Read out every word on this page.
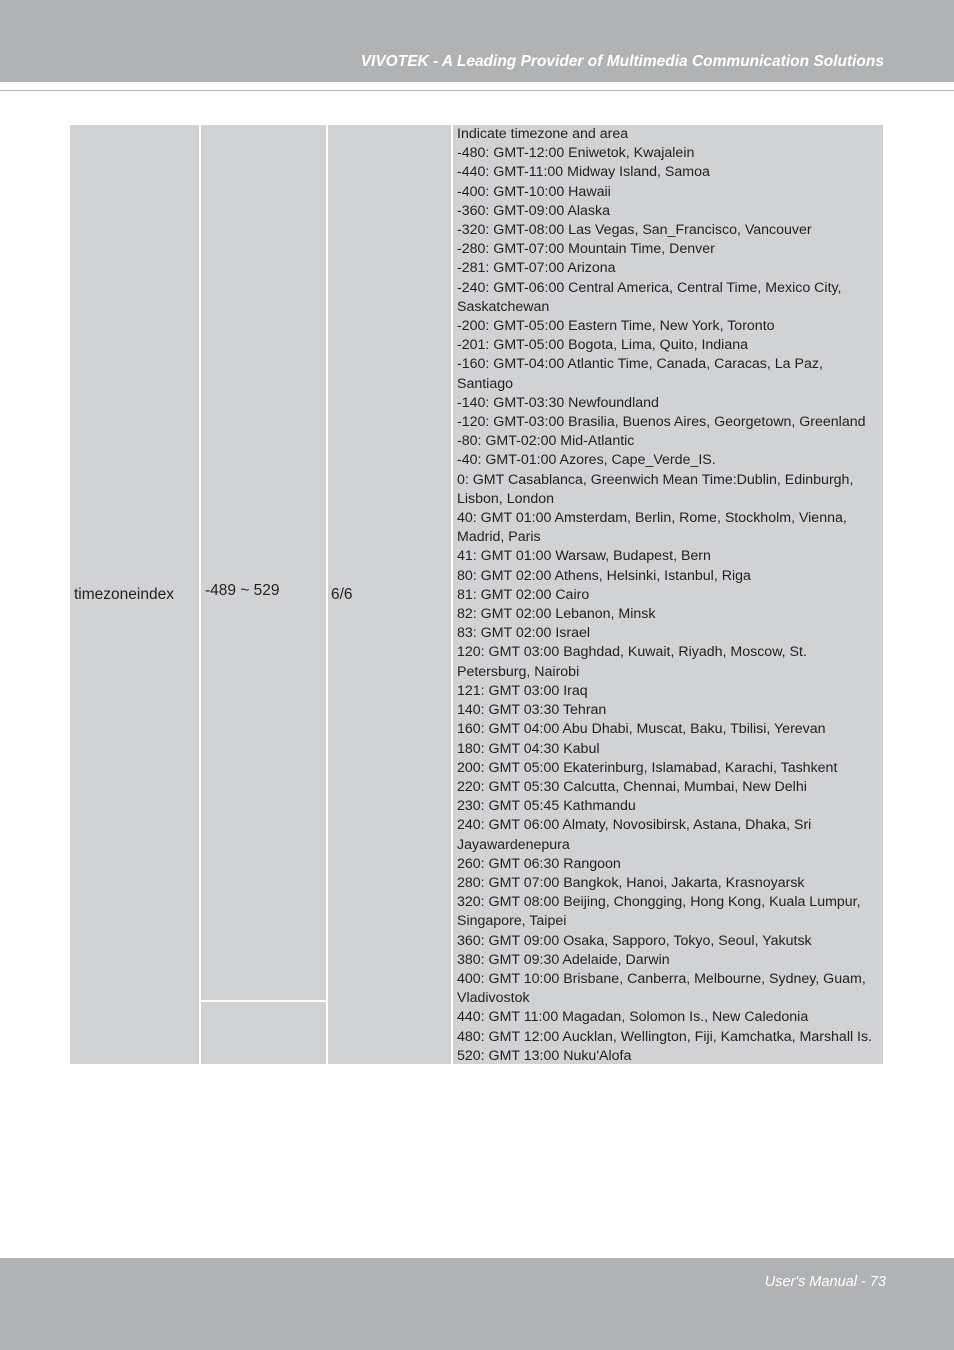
VIVOTEK - A Leading Provider of Multimedia Communication Solutions
timezoneindex -489 ~ 529	6/6
Indicate timezone and area
-480: GMT-12:00 Eniwetok, Kwajalein
-440: GMT-11:00 Midway Island, Samoa
-400: GMT-10:00 Hawaii
-360: GMT-09:00 Alaska
-320: GMT-08:00 Las Vegas, San_Francisco, Vancouver
-280: GMT-07:00 Mountain Time, Denver
-281: GMT-07:00 Arizona
-240: GMT-06:00 Central America, Central Time, Mexico City,
Saskatchewan
-200: GMT-05:00 Eastern Time, New York, Toronto
-201: GMT-05:00 Bogota, Lima, Quito, Indiana
-160: GMT-04:00 Atlantic Time, Canada, Caracas, La Paz,
Santiago
-140: GMT-03:30 Newfoundland
-120: GMT-03:00 Brasilia, Buenos Aires, Georgetown, Greenland
-80: GMT-02:00 Mid-Atlantic
-40: GMT-01:00 Azores, Cape_Verde_IS.
0: GMT Casablanca, Greenwich Mean Time:Dublin, Edinburgh,
Lisbon, London
40: GMT 01:00 Amsterdam, Berlin, Rome, Stockholm, Vienna,
Madrid, Paris
41: GMT 01:00 Warsaw, Budapest, Bern
80: GMT 02:00 Athens, Helsinki, Istanbul, Riga
81: GMT 02:00 Cairo
82: GMT 02:00 Lebanon, Minsk
83: GMT 02:00 Israel
120: GMT 03:00 Baghdad, Kuwait, Riyadh, Moscow, St.
Petersburg, Nairobi
121: GMT 03:00 Iraq
140: GMT 03:30 Tehran
160: GMT 04:00 Abu Dhabi, Muscat, Baku, Tbilisi, Yerevan
180: GMT 04:30 Kabul
200: GMT 05:00 Ekaterinburg, Islamabad, Karachi, Tashkent
220: GMT 05:30 Calcutta, Chennai, Mumbai, New Delhi
230: GMT 05:45 Kathmandu
240: GMT 06:00 Almaty, Novosibirsk, Astana, Dhaka, Sri
Jayawardenepura
260: GMT 06:30 Rangoon
280: GMT 07:00 Bangkok, Hanoi, Jakarta, Krasnoyarsk
320: GMT 08:00 Beijing, Chongging, Hong Kong, Kuala Lumpur,
Singapore, Taipei
360: GMT 09:00 Osaka, Sapporo, Tokyo, Seoul, Yakutsk
380: GMT 09:30 Adelaide, Darwin
400: GMT 10:00 Brisbane, Canberra, Melbourne, Sydney, Guam,
Vladivostok
440: GMT 11:00 Magadan, Solomon Is., New Caledonia
480: GMT 12:00 Aucklan, Wellington, Fiji, Kamchatka, Marshall Is.
520: GMT 13:00 Nuku'Alofa
User's Manual - 73
